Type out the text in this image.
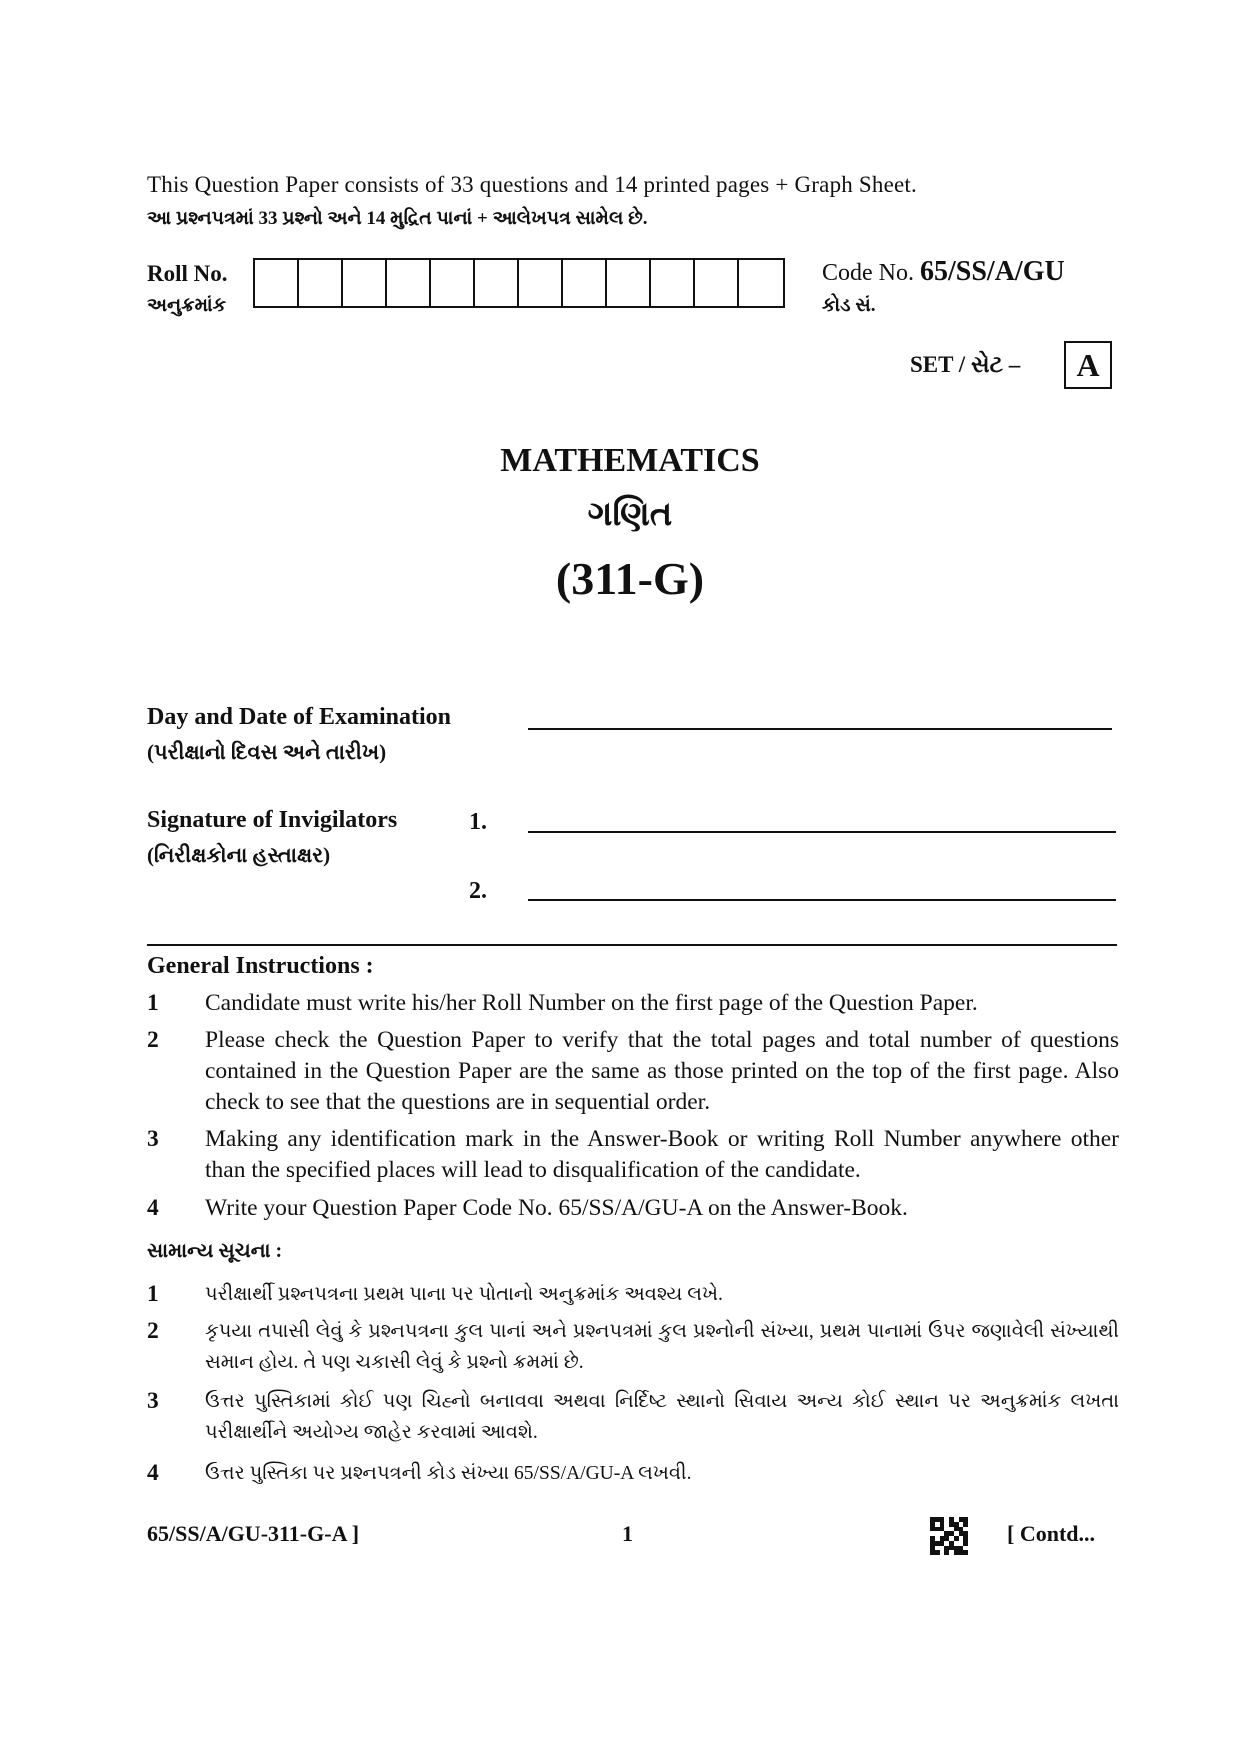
This Question Paper consists of 33 questions and 14 printed pages + Graph Sheet.
આ પ્રશ્નપત્રમાં 33 પ્રશ્નો અને 14 મુદ્રિત પાનાં + આલેખપત્ર સામેલ છે.
Roll No.
અનુક્રમાંક
Code No. 65/SS/A/GU
કોડ સં.
SET / સેટ –	A
MATHEMATICS
ગણિત
(311-G)
Day and Date of Examination
(પરીક્ષાનો દિવસ અને તારીખ)
Signature of Invigilators
(નિરીક્ષકોના હસ્તાક્ષર)
1.
2.
General Instructions :
1	Candidate must write his/her Roll Number on the first page of the Question Paper.
2	Please check the Question Paper to verify that the total pages and total number of questions contained in the Question Paper are the same as those printed on the top of the first page. Also check to see that the questions are in sequential order.
3	Making any identification mark in the Answer-Book or writing Roll Number anywhere other than the specified places will lead to disqualification of the candidate.
4	Write your Question Paper Code No. 65/SS/A/GU-A on the Answer-Book.
સામાન્ય સૂચના :
1	પરીક્ષાર્થી પ્રશ્નપત્રના પ્રથમ પાના પર પોતાનો અનુક્રમાંક અવશ્ય લખે.
2	કૃપયા તપાસી લેવું કે પ્રશ્નપત્રના કુલ પાનાં અને પ્રશ્નપત્રમાં કુલ પ્રશ્નોની સંખ્યા, પ્રથમ પાનામાં ઉપર જણાવેલી સંખ્યાથી સમાન હોય. તે પણ ચકાસી લેવું કે પ્રશ્નો ક્રમમાં છે.
3	ઉત્તર પુસ્તિકામાં કોઈ પણ ચિહ્નો બનાવવા અથવા નિર્દિષ્ટ સ્થાનો સિવાય અન્ય કોઈ સ્થાન પર અનુક્રમાંક લખતા પરીક્ષાર્થીને અયોગ્ય જાહેર કરવામાં આવશે.
4	ઉત્તર પુસ્તિકા પર પ્રશ્નપત્રની કોડ સંખ્યા 65/SS/A/GU-A લખવી.
65/SS/A/GU-311-G-A ]	1	[ Contd...
